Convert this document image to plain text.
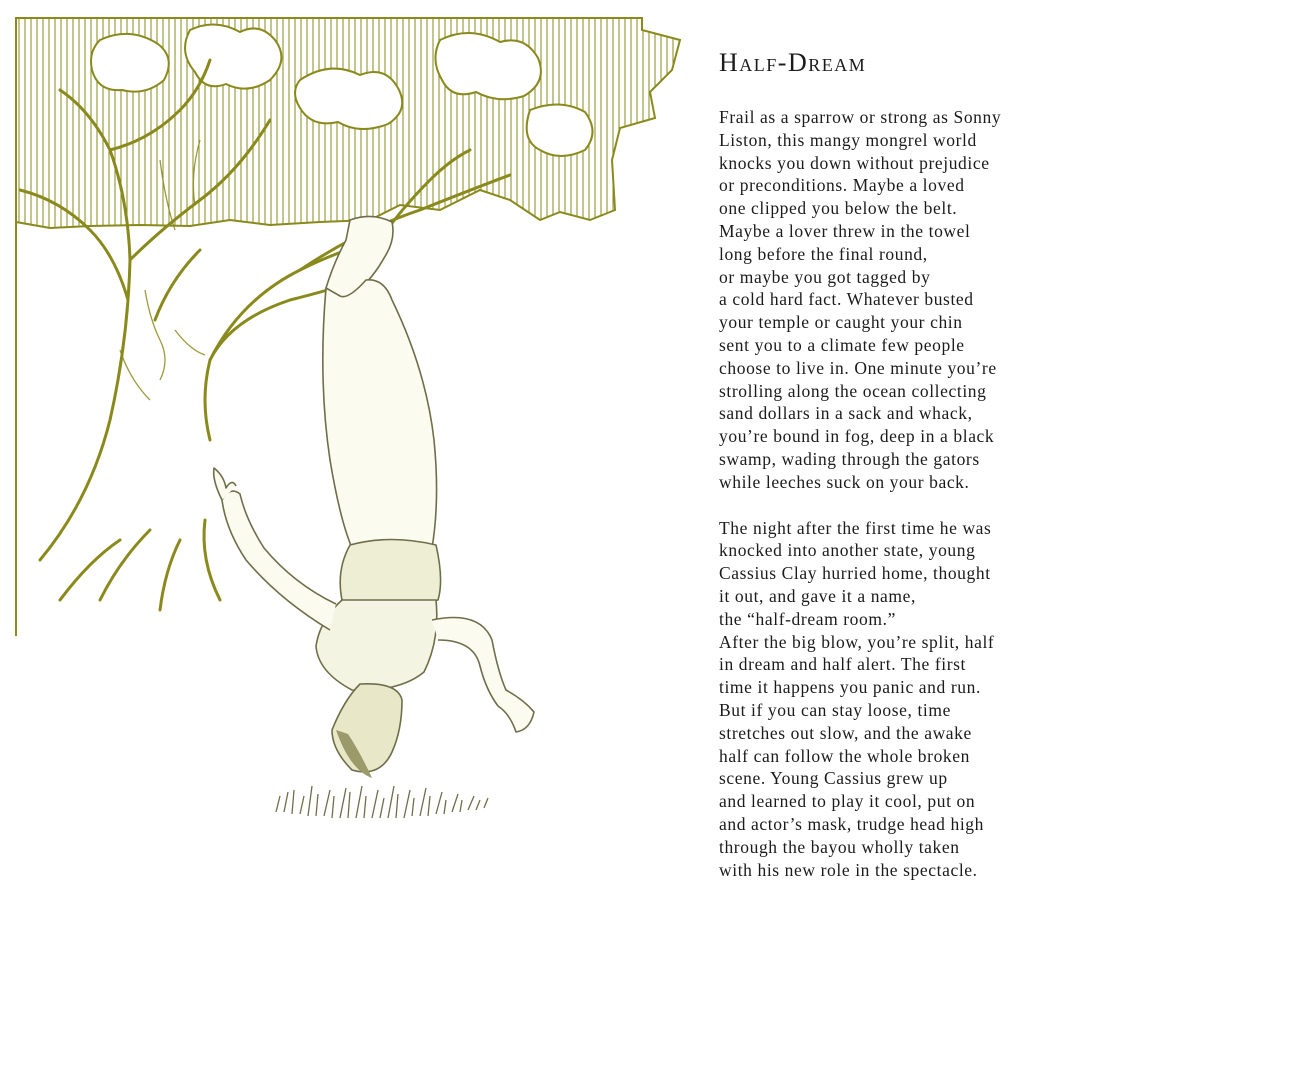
Half-Dream
Frail as a sparrow or strong as Sonny
Liston, this mangy mongrel world
knocks you down without prejudice
or preconditions. Maybe a loved
one clipped you below the belt.
Maybe a lover threw in the towel
long before the final round,
or maybe you got tagged by
a cold hard fact. Whatever busted
your temple or caught your chin
sent you to a climate few people
choose to live in. One minute you’re
strolling along the ocean collecting
sand dollars in a sack and whack,
you’re bound in fog, deep in a black
swamp, wading through the gators
while leeches suck on your back.
The night after the first time he was
knocked into another state, young
Cassius Clay hurried home, thought
it out, and gave it a name,
the “half-dream room.”
After the big blow, you’re split, half
in dream and half alert. The first
time it happens you panic and run.
But if you can stay loose, time
stretches out slow, and the awake
half can follow the whole broken
scene. Young Cassius grew up
and learned to play it cool, put on
and actor’s mask, trudge head high
through the bayou wholly taken
with his new role in the spectacle.
